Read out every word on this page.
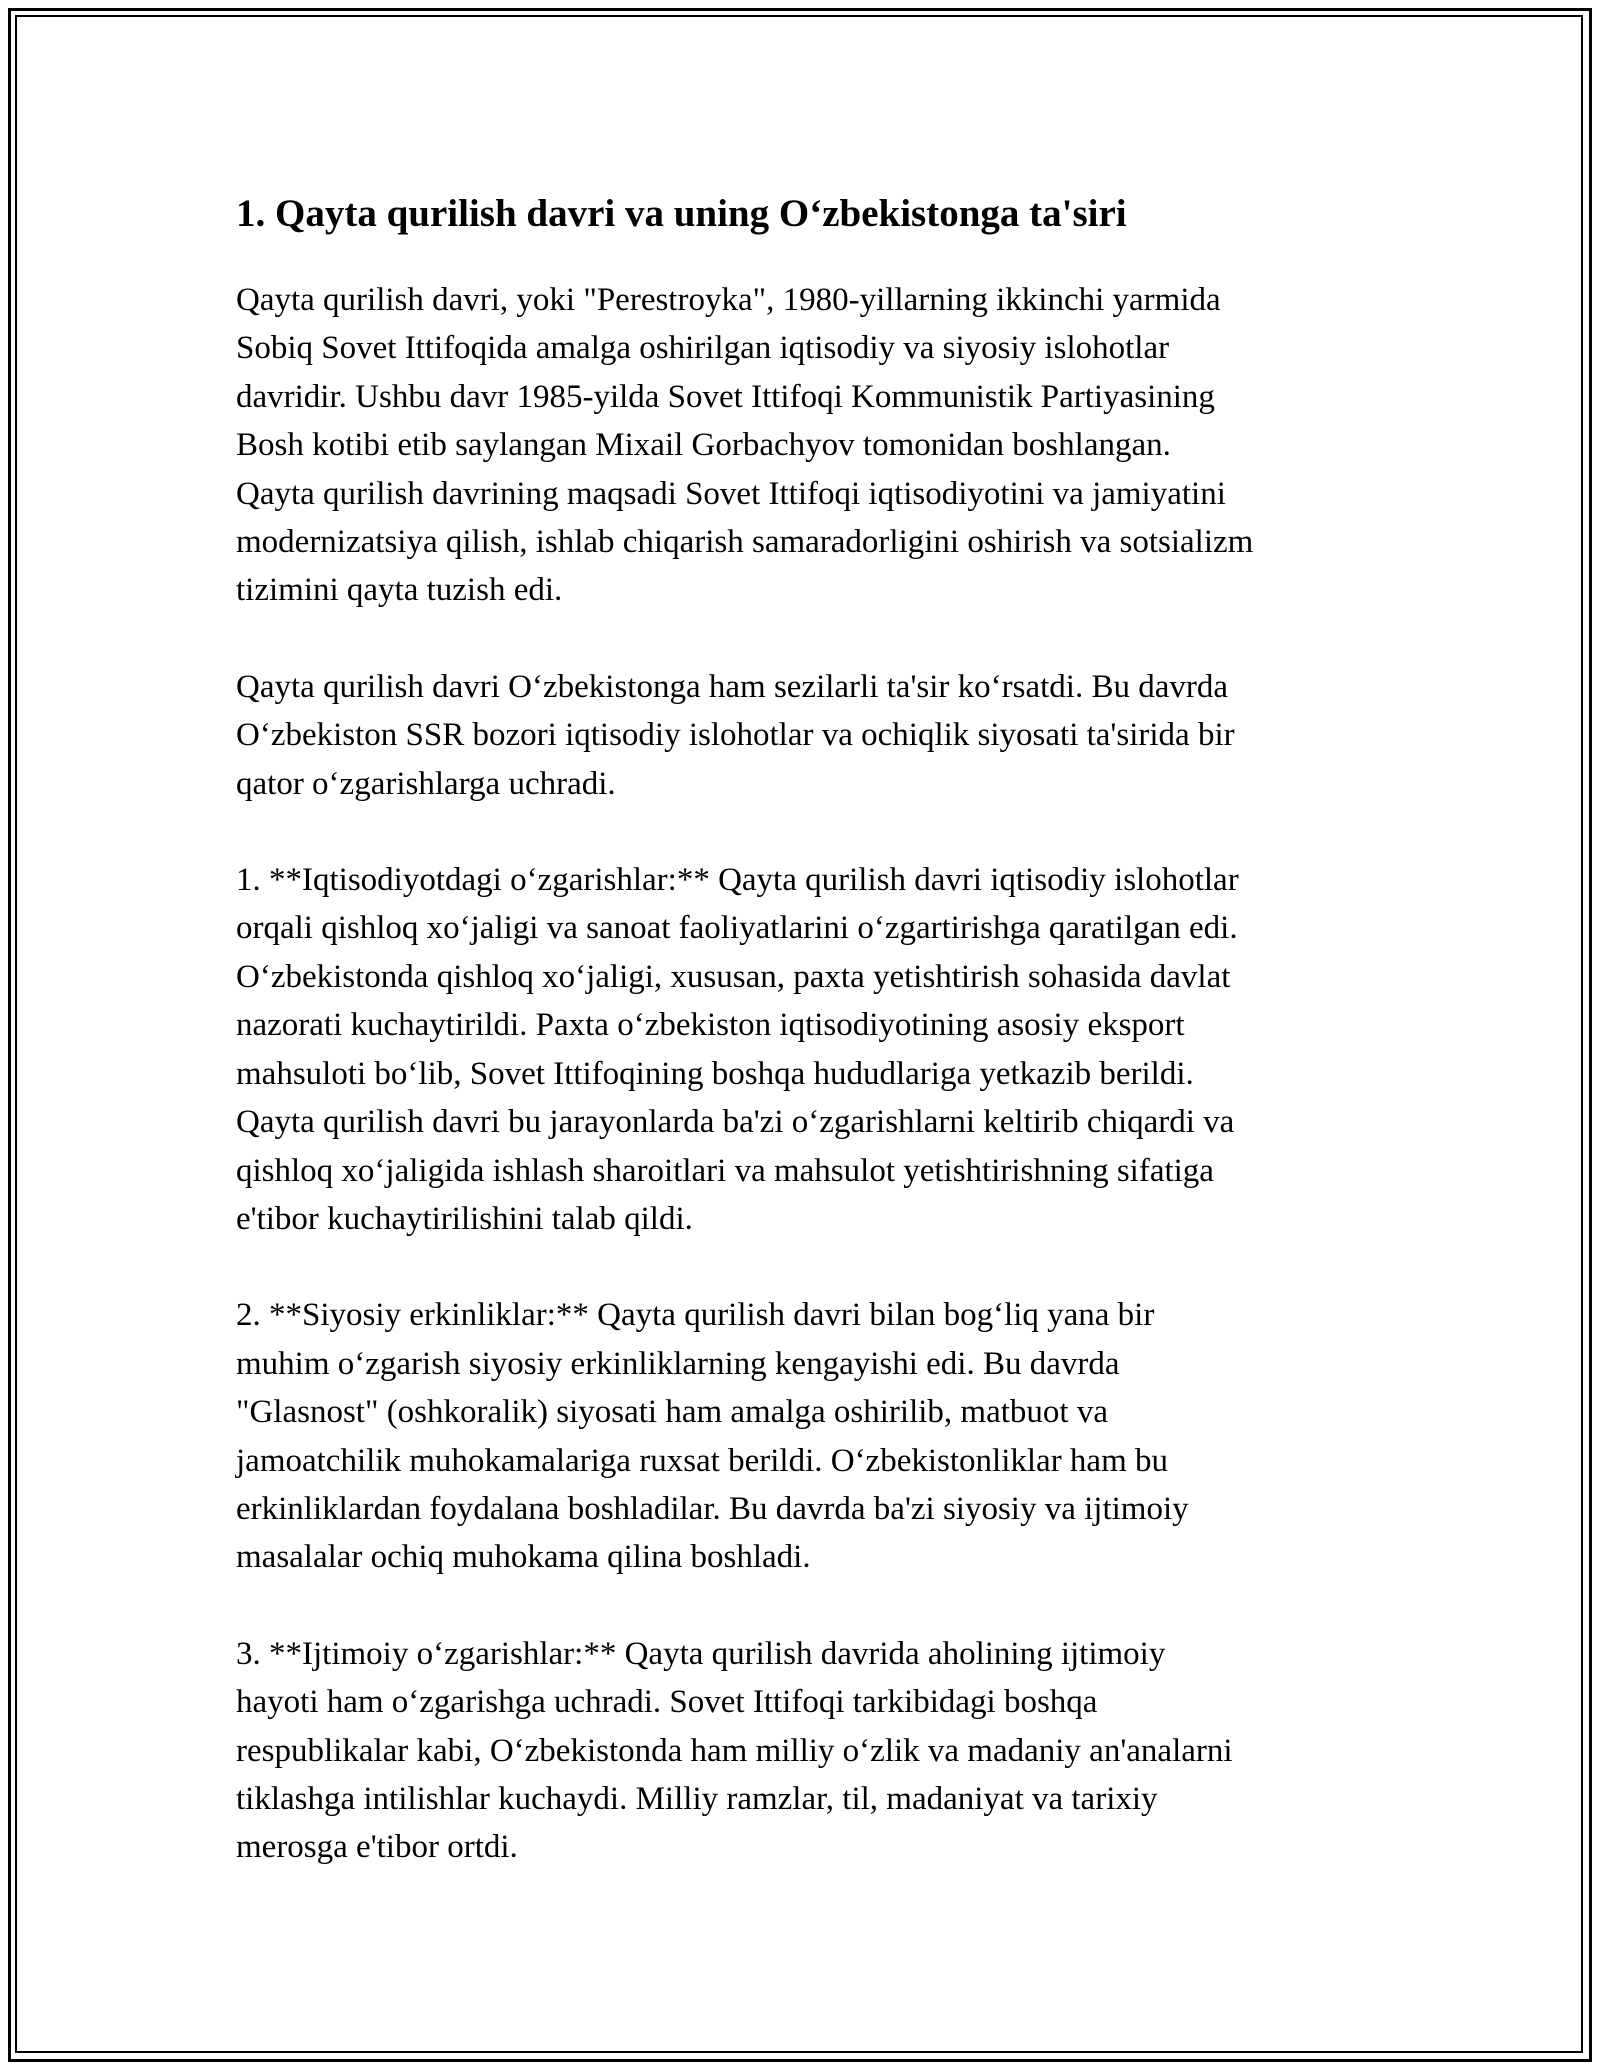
1. Qayta qurilish davri va uning O‘zbekistonga ta'siri

Qayta qurilish davri, yoki "Perestroyka", 1980-yillarning ikkinchi yarmida
Sobiq Sovet Ittifoqida amalga oshirilgan iqtisodiy va siyosiy islohotlar
davridir. Ushbu davr 1985-yilda Sovet Ittifoqi Kommunistik Partiyasining
Bosh kotibi etib saylangan Mixail Gorbachyov tomonidan boshlangan.
Qayta qurilish davrining maqsadi Sovet Ittifoqi iqtisodiyotini va jamiyatini
modernizatsiya qilish, ishlab chiqarish samaradorligini oshirish va sotsializm
tizimini qayta tuzish edi.

Qayta qurilish davri O‘zbekistonga ham sezilarli ta'sir ko‘rsatdi. Bu davrda
O‘zbekiston SSR bozori iqtisodiy islohotlar va ochiqlik siyosati ta'sirida bir
qator o‘zgarishlarga uchradi.

1. **Iqtisodiyotdagi o‘zgarishlar:** Qayta qurilish davri iqtisodiy islohotlar
orqali qishloq xo‘jaligi va sanoat faoliyatlarini o‘zgartirishga qaratilgan edi.
O‘zbekistonda qishloq xo‘jaligi, xususan, paxta yetishtirish sohasida davlat
nazorati kuchaytirildi. Paxta o‘zbekiston iqtisodiyotining asosiy eksport
mahsuloti bo‘lib, Sovet Ittifoqining boshqa hududlariga yetkazib berildi.
Qayta qurilish davri bu jarayonlarda ba'zi o‘zgarishlarni keltirib chiqardi va
qishloq xo‘jaligida ishlash sharoitlari va mahsulot yetishtirishning sifatiga
e'tibor kuchaytirilishini talab qildi.

2. **Siyosiy erkinliklar:** Qayta qurilish davri bilan bog‘liq yana bir
muhim o‘zgarish siyosiy erkinliklarning kengayishi edi. Bu davrda
"Glasnost" (oshkoralik) siyosati ham amalga oshirilib, matbuot va
jamoatchilik muhokamalariga ruxsat berildi. O‘zbekistonliklar ham bu
erkinliklardan foydalana boshladilar. Bu davrda ba'zi siyosiy va ijtimoiy
masalalar ochiq muhokama qilina boshladi.

3. **Ijtimoiy o‘zgarishlar:** Qayta qurilish davrida aholining ijtimoiy
hayoti ham o‘zgarishga uchradi. Sovet Ittifoqi tarkibidagi boshqa
respublikalar kabi, O‘zbekistonda ham milliy o‘zlik va madaniy an'analarni
tiklashga intilishlar kuchaydi. Milliy ramzlar, til, madaniyat va tarixiy
merosga e'tibor ortdi.
